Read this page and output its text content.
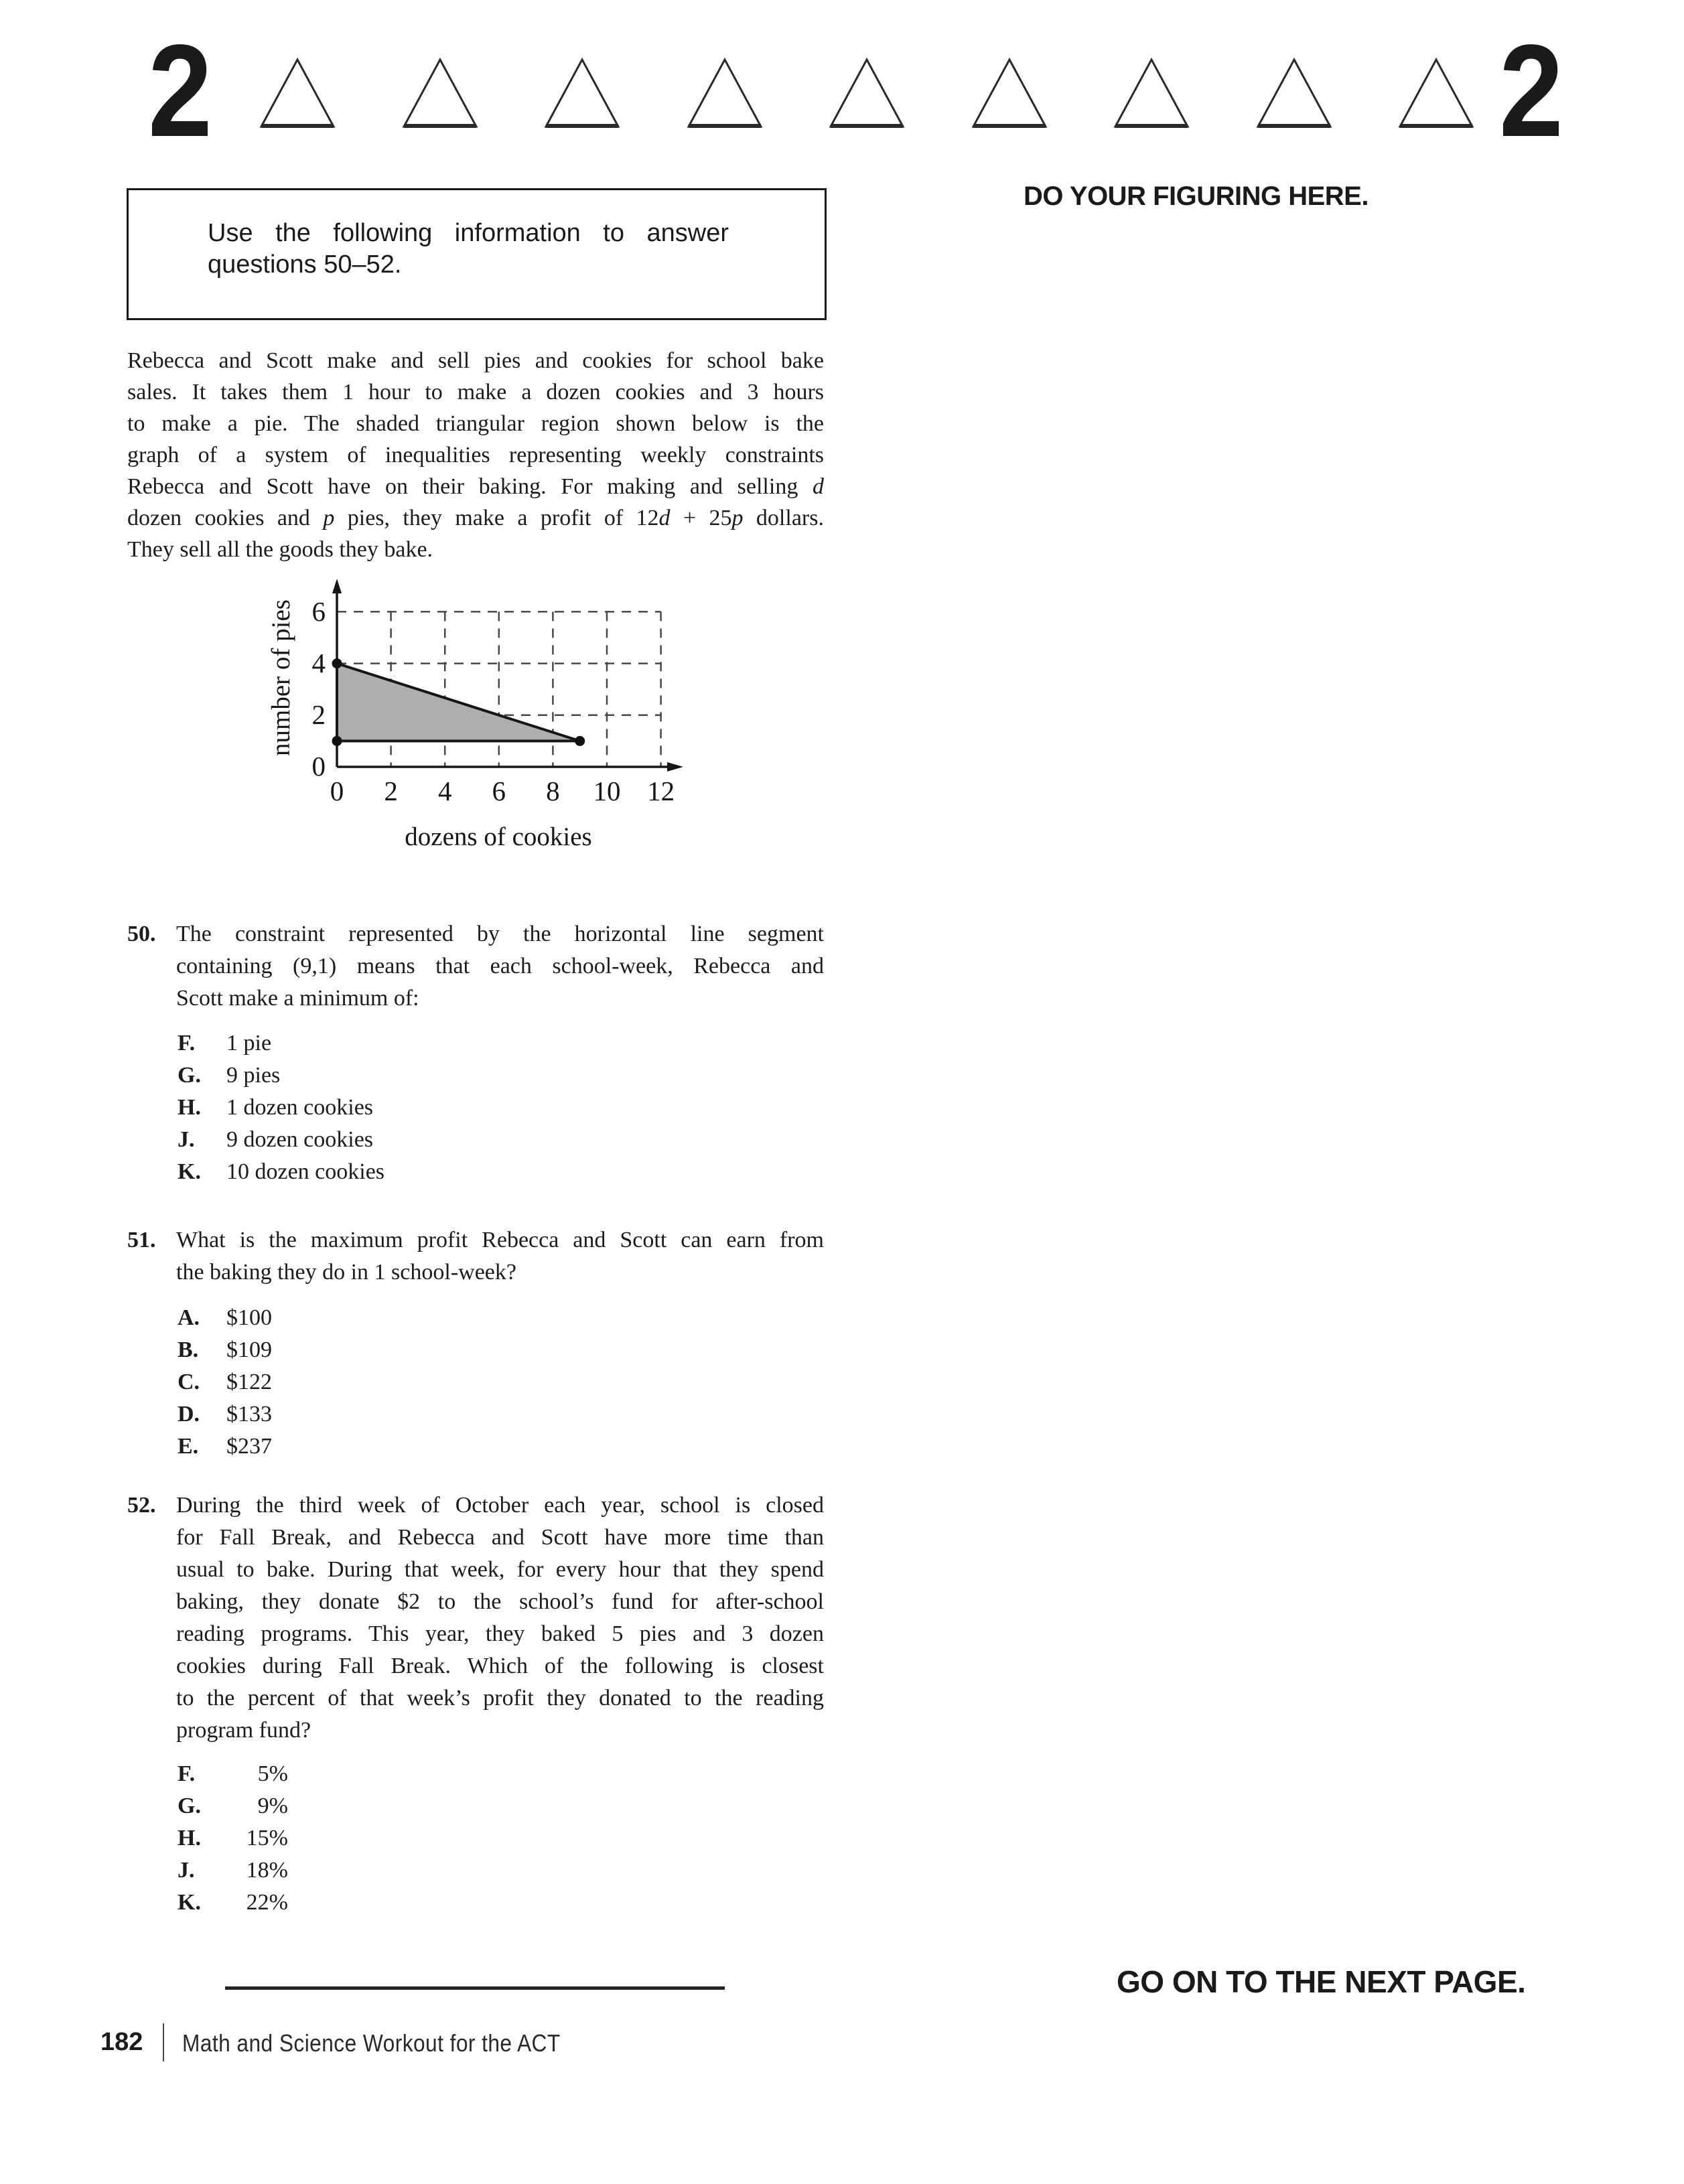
2	2
DO YOUR FIGURING HERE.
Use the following information to answer
questions 50–52.
Rebecca and Scott make and sell pies and cookies for school bake
sales. It takes them 1 hour to make a dozen cookies and 3 hours
to make a pie. The shaded triangular region shown below is the
graph of a system of inequalities representing weekly constraints
Rebecca and Scott have on their baking. For making and selling d
dozen cookies and p pies, they make a profit of 12d + 25p dollars.
They sell all the goods they bake.
6
4
2
0
0 2 4 6 8 10 12
number of pies
dozens of cookies
50. The constraint represented by the horizontal line segment
containing (9,1) means that each school-week, Rebecca and
Scott make a minimum of:
F. 1 pie
G. 9 pies
H. 1 dozen cookies
J. 9 dozen cookies
K. 10 dozen cookies
51. What is the maximum profit Rebecca and Scott can earn from
the baking they do in 1 school-week?
A. $100
B. $109
C. $122
D. $133
E. $237
52. During the third week of October each year, school is closed
for Fall Break, and Rebecca and Scott have more time than
usual to bake. During that week, for every hour that they spend
baking, they donate $2 to the school’s fund for after-school
reading programs. This year, they baked 5 pies and 3 dozen
cookies during Fall Break. Which of the following is closest
to the percent of that week’s profit they donated to the reading
program fund?
F.	5%
G. 9%
H. 15%
J. 18%
K. 22%
GO ON TO THE NEXT PAGE.
182 Math and Science Workout for the ACT
